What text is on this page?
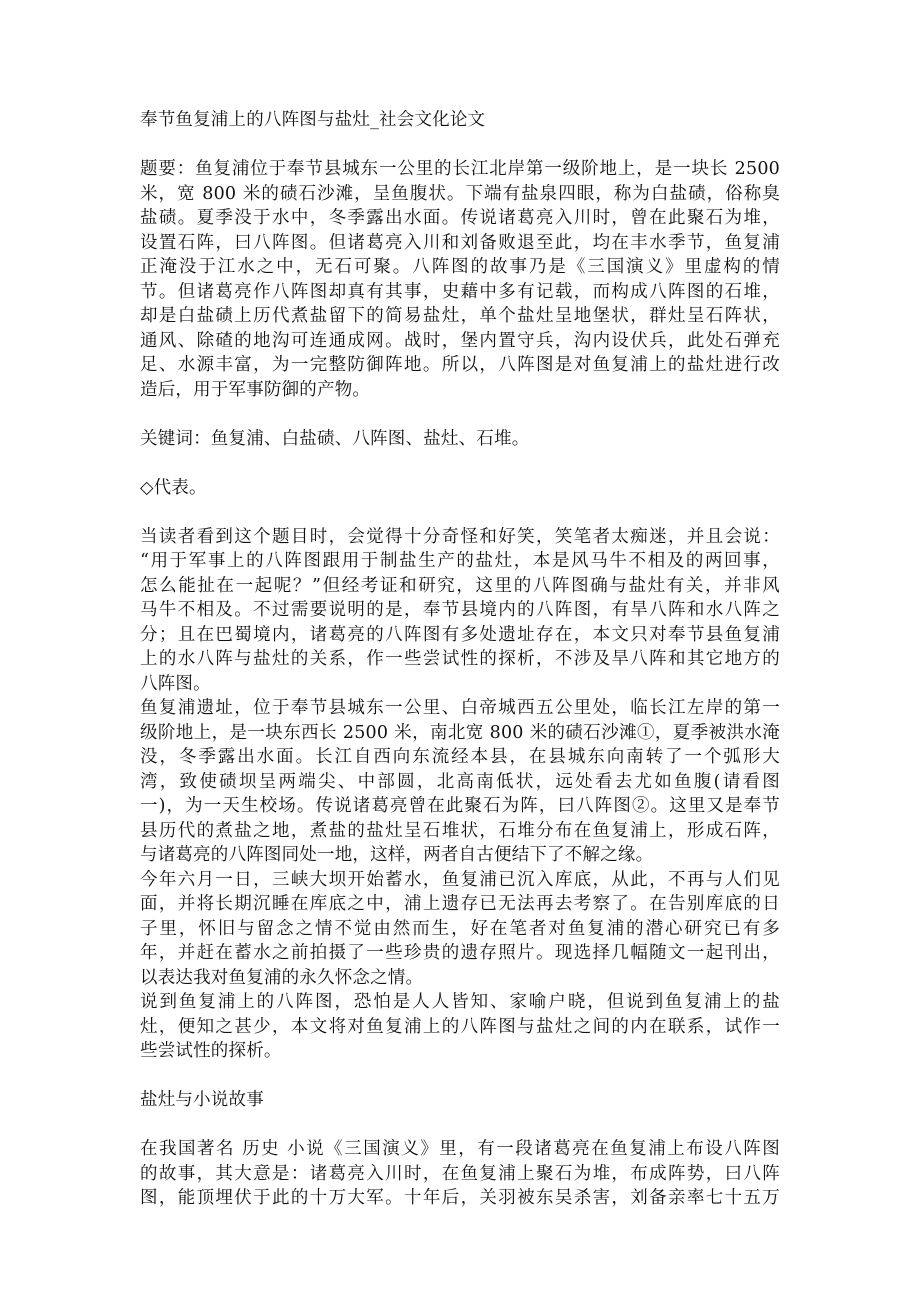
奉节鱼复浦上的八阵图与盐灶_社会文化论文
题要：鱼复浦位于奉节县城东一公里的长江北岸第一级阶地上，是一块长 2500
米，宽 800 米的碛石沙滩，呈鱼腹状。下端有盐泉四眼，称为白盐碛，俗称臭
盐碛。夏季没于水中，冬季露出水面。传说诸葛亮入川时，曾在此聚石为堆，
设置石阵，曰八阵图。但诸葛亮入川和刘备败退至此，均在丰水季节，鱼复浦
正淹没于江水之中，无石可聚。八阵图的故事乃是《三国演义》里虚构的情
节。但诸葛亮作八阵图却真有其事，史藉中多有记载，而构成八阵图的石堆，
却是白盐碛上历代煮盐留下的简易盐灶，单个盐灶呈地堡状，群灶呈石阵状，
通风、除碴的地沟可连通成网。战时，堡内置守兵，沟内设伏兵，此处石弹充
足、水源丰富，为一完整防御阵地。所以，八阵图是对鱼复浦上的盐灶进行改
造后，用于军事防御的产物。
关键词：鱼复浦、白盐碛、八阵图、盐灶、石堆。
◇代表。
当读者看到这个题目时，会觉得十分奇怪和好笑，笑笔者太痴迷，并且会说：
“用于军事上的八阵图跟用于制盐生产的盐灶，本是风马牛不相及的两回事，
怎么能扯在一起呢？”但经考证和研究，这里的八阵图确与盐灶有关，并非风
马牛不相及。不过需要说明的是，奉节县境内的八阵图，有旱八阵和水八阵之
分；且在巴蜀境内，诸葛亮的八阵图有多处遗址存在，本文只对奉节县鱼复浦
上的水八阵与盐灶的关系，作一些尝试性的探析，不涉及旱八阵和其它地方的
八阵图。
鱼复浦遗址，位于奉节县城东一公里、白帝城西五公里处，临长江左岸的第一
级阶地上，是一块东西长 2500 米，南北宽 800 米的碛石沙滩①，夏季被洪水淹
没，冬季露出水面。长江自西向东流经本县，在县城东向南转了一个弧形大
湾，致使碛坝呈两端尖、中部圆，北高南低状，远处看去尤如鱼腹(请看图
一)，为一天生校场。传说诸葛亮曾在此聚石为阵，曰八阵图②。这里又是奉节
县历代的煮盐之地，煮盐的盐灶呈石堆状，石堆分布在鱼复浦上，形成石阵，
与诸葛亮的八阵图同处一地，这样，两者自古便结下了不解之缘。
今年六月一日，三峡大坝开始蓄水，鱼复浦已沉入库底，从此，不再与人们见
面，并将长期沉睡在库底之中，浦上遗存已无法再去考察了。在告别库底的日
子里，怀旧与留念之情不觉由然而生，好在笔者对鱼复浦的潜心研究已有多
年，并赶在蓄水之前拍摄了一些珍贵的遗存照片。现选择几幅随文一起刊出，
以表达我对鱼复浦的永久怀念之情。
说到鱼复浦上的八阵图，恐怕是人人皆知、家喻户晓，但说到鱼复浦上的盐
灶，便知之甚少，本文将对鱼复浦上的八阵图与盐灶之间的内在联系，试作一
些尝试性的探析。
盐灶与小说故事
在我国著名 历史 小说《三国演义》里，有一段诸葛亮在鱼复浦上布设八阵图
的故事，其大意是：诸葛亮入川时，在鱼复浦上聚石为堆，布成阵势，曰八阵
图，能顶埋伏于此的十万大军。十年后，关羽被东吴杀害，刘备亲率七十五万
